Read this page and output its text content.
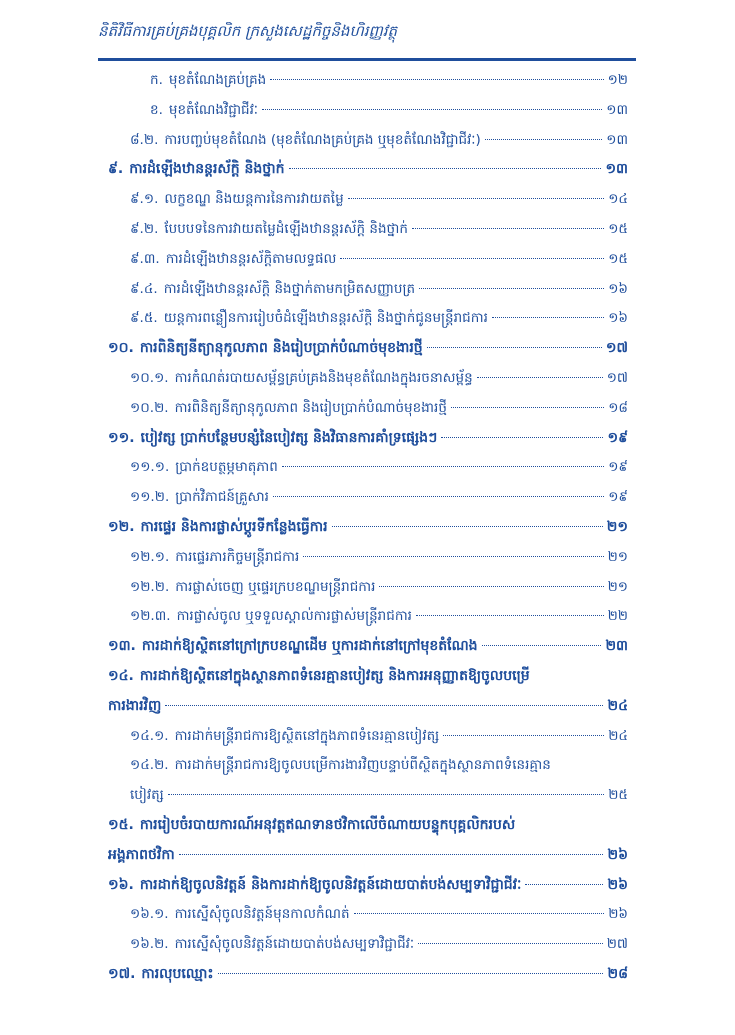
និតិវិធីការគ្រប់គ្រងបុគ្គលិក ក្រសួងសេដ្ឋកិច្ចនិងហិរញ្ញវត្ថុ
ក. មុខតំណែងគ្រប់គ្រង	១២
ខ. មុខតំណែងវិជ្ជាជីវៈ	១៣
៨.២. ការបញ្ចប់មុខតំណែង (មុខតំណែងគ្រប់គ្រង ឬមុខតំណែងវិជ្ជាជីវៈ)	១៣
៩. ការដំឡើងឋានន្តរស័ក្តិ និងថ្នាក់	១៣
៩.១. លក្ខខណ្ឌ និងយន្តការនៃការវាយតម្លៃ	១៤
៩.២. បែបបទនៃការវាយតម្លៃដំឡើងឋានន្តរស័ក្តិ និងថ្នាក់	១៥
៩.៣. ការដំឡើងឋានន្តរស័ក្តិតាមលទ្ធផល	១៥
៩.៤. ការដំឡើងឋានន្តរស័ក្តិ និងថ្នាក់តាមកម្រិតសញ្ញាបត្រ	១៦
៩.៥. យន្តការពន្លឿនការរៀបចំដំឡើងឋានន្តរស័ក្តិ និងថ្នាក់ជូនមន្ត្រីរាជការ	១៦
១០. ការពិនិត្យនីត្យានុកូលភាព និងរៀបប្រាក់បំណាច់មុខងារថ្មី	១៧
១០.១. ការកំណត់របាយសម្ព័ន្ធគ្រប់គ្រងនិងមុខតំណែងក្នុងរចនាសម្ព័ន្ធ	១៧
១០.២. ការពិនិត្យនីត្យានុកូលភាព និងរៀបប្រាក់បំណាច់មុខងារថ្មី	១៨
១១. បៀវត្ស ប្រាក់បន្ថែមបន្សំនៃបៀវត្ស និងវិធានការគាំទ្រផ្សេងៗ	១៩
១១.១. ប្រាក់ឧបត្ថម្ភមាតុភាព	១៩
១១.២. ប្រាក់វិភាជន៍គ្រួសារ	១៩
១២. ការផ្ទេរ និងការផ្លាស់ប្តូរទីកន្លែងធ្វើការ	២១
១២.១. ការផ្ទេរភារកិច្ចមន្ត្រីរាជការ	២១
១២.២. ការផ្លាស់ចេញ ឬផ្ទេរក្របខណ្ឌមន្ត្រីរាជការ	២១
១២.៣. ការផ្លាស់ចូល ឬទទួលស្គាល់ការផ្លាស់មន្ត្រីរាជការ	២២
១៣. ការដាក់ឱ្យស្ថិតនៅក្រៅក្របខណ្ឌដើម ឬការដាក់នៅក្រៅមុខតំណែង	២៣
១៤. ការដាក់ឱ្យស្ថិតនៅក្នុងស្ថានភាពទំនេរគ្មានបៀវត្ស និងការអនុញ្ញាតឱ្យចូលបម្រើ
ការងារវិញ	២៤
១៤.១. ការដាក់មន្ត្រីរាជការឱ្យស្ថិតនៅក្នុងភាពទំនេរគ្មានបៀវត្ស	២៤
១៤.២. ការដាក់មន្ត្រីរាជការឱ្យចូលបម្រើការងារវិញបន្ទាប់ពីស្ថិតក្នុងស្ថានភាពទំនេរគ្មាន
បៀវត្ស	២៥
១៥. ការរៀបចំរបាយការណ៍អនុវត្តឥណទានថវិកាលើចំណាយបន្ទុកបុគ្គលិករបស់
អង្គភាពថវិកា	២៦
១៦. ការដាក់ឱ្យចូលនិវត្តន៍ និងការដាក់ឱ្យចូលនិវត្តន៍ដោយបាត់បង់សម្បទាវិជ្ជាជីវៈ	២៦
១៦.១. ការស្នើសុំចូលនិវត្តន៍មុនកាលកំណត់	២៦
១៦.២. ការស្នើសុំចូលនិវត្តន៍ដោយបាត់បង់សម្បទាវិជ្ជាជីវៈ	២៧
១៧. ការលុបឈ្មោះ	២៨
